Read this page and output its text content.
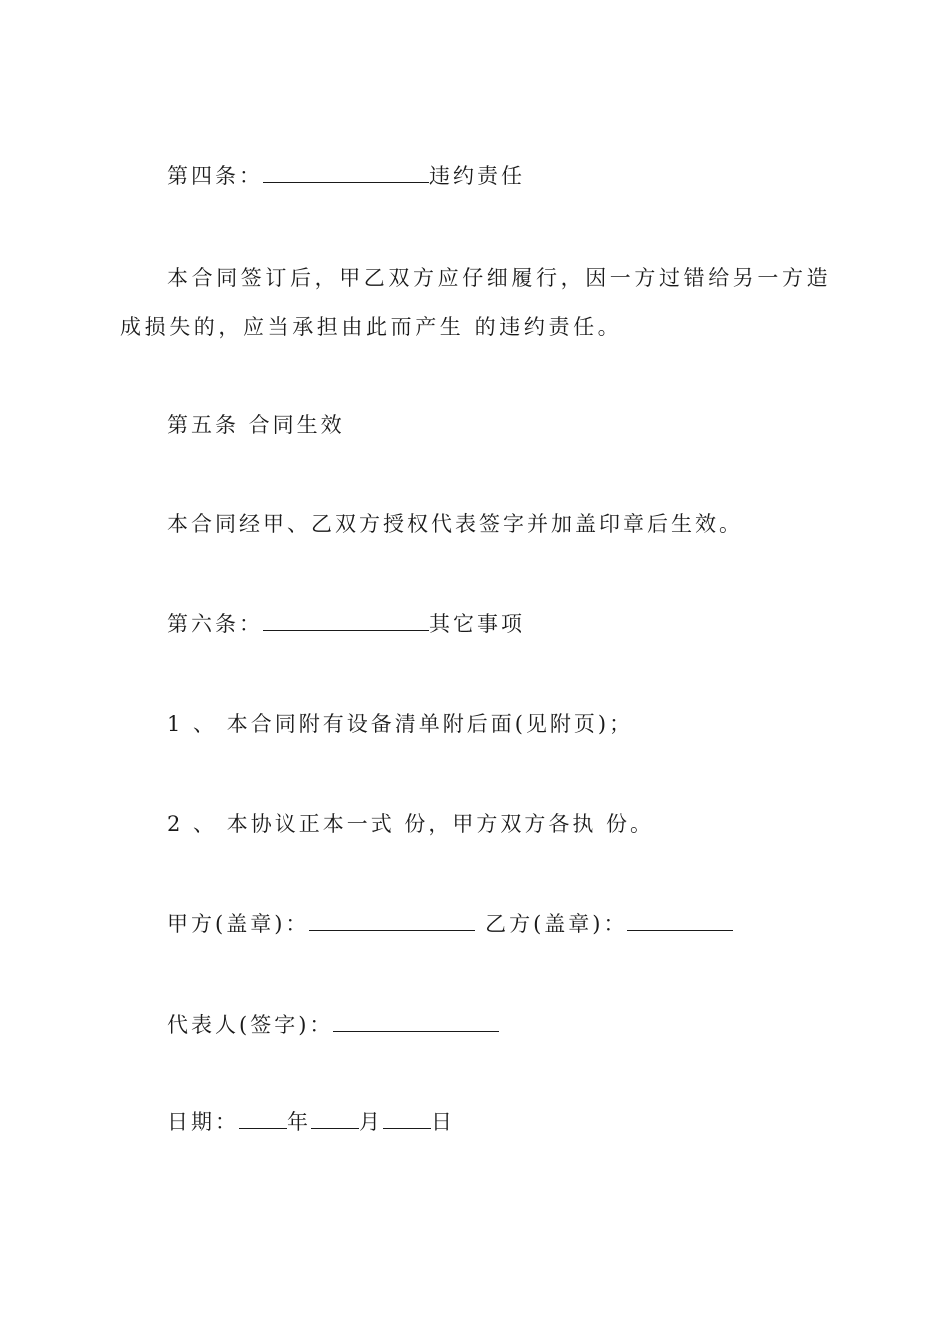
第四条：	违约责任
本合同签订后，甲乙双方应仔细履行，因一方过错给另一方造成损失的，应当承担由此而产生 的违约责任。
第五条 合同生效
本合同经甲、乙双方授权代表签字并加盖印章后生效。
第六条：	其它事项
1 、 本合同附有设备清单附后面(见附页)；
2 、 本协议正本一式 份，甲方双方各执 份。
甲方(盖章)：	乙方(盖章)：
代表人(签字)：
日期： 年 月 日
